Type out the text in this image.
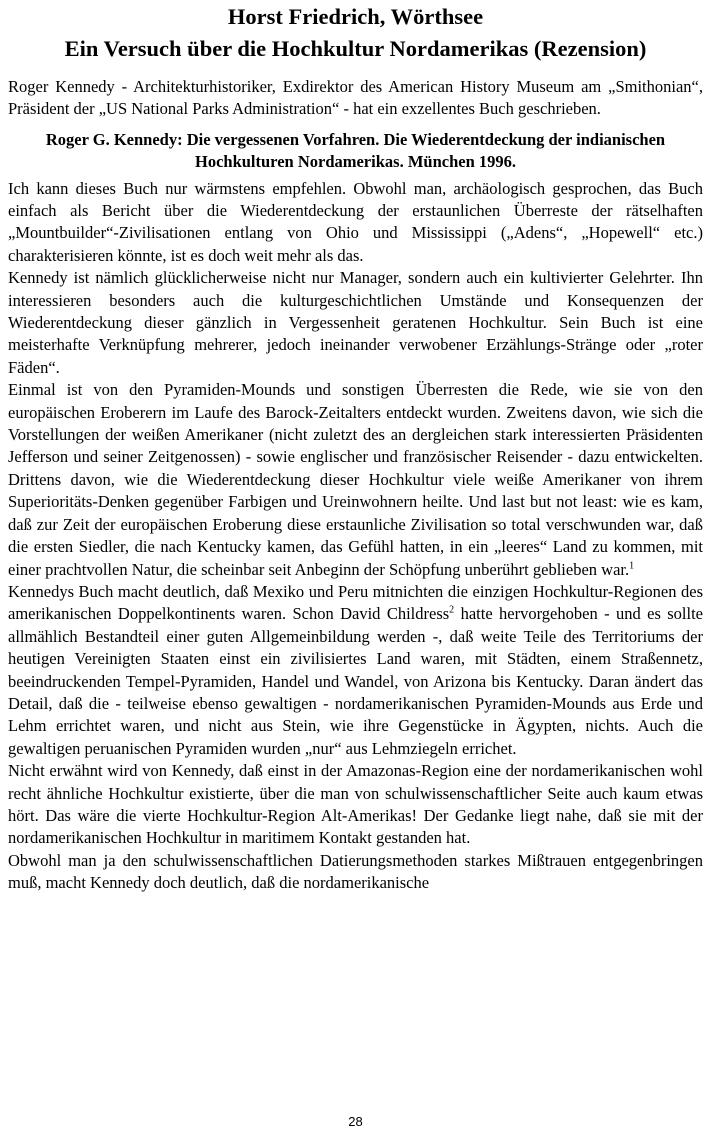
Horst Friedrich, Wörthsee
Ein Versuch über die Hochkultur Nordamerikas (Rezension)

Roger Kennedy - Architekturhistoriker, Exdirektor des American History Museum am „Smithonian“, Präsident der „US National Parks Administration“ - hat ein exzellentes Buch geschrieben.

Roger G. Kennedy: Die vergessenen Vorfahren. Die Wiederentdeckung der indianischen Hochkulturen Nordamerikas. München 1996.

Ich kann dieses Buch nur wärmstens empfehlen. Obwohl man, archäologisch gesprochen, das Buch einfach als Bericht über die Wiederentdeckung der erstaunlichen Überreste der rätselhaften „Mountbuilder“-Zivilisationen entlang von Ohio und Mississippi („Adens“, „Hopewell“ etc.) charakterisieren könnte, ist es doch weit mehr als das.

Kennedy ist nämlich glücklicherweise nicht nur Manager, sondern auch ein kultivierter Gelehrter. Ihn interessieren besonders auch die kulturgeschichtlichen Umstände und Konsequenzen der Wiederentdeckung dieser gänzlich in Vergessenheit geratenen Hochkultur. Sein Buch ist eine meisterhafte Verknüpfung mehrerer, jedoch ineinander verwobener Erzählungs-Stränge oder „roter Fäden“.

Einmal ist von den Pyramiden-Mounds und sonstigen Überresten die Rede, wie sie von den europäischen Eroberern im Laufe des Barock-Zeitalters entdeckt wurden. Zweitens davon, wie sich die Vorstellungen der weißen Amerikaner (nicht zuletzt des an dergleichen stark interessierten Präsidenten Jefferson und seiner Zeitgenossen) - sowie englischer und französischer Reisender - dazu entwickelten. Drittens davon, wie die Wiederentdeckung dieser Hochkultur viele weiße Amerikaner von ihrem Superioritäts-Denken gegenüber Farbigen und Ureinwohnern heilte. Und last but not least: wie es kam, daß zur Zeit der europäischen Eroberung diese erstaunliche Zivilisation so total verschwunden war, daß die ersten Siedler, die nach Kentucky kamen, das Gefühl hatten, in ein „leeres“ Land zu kommen, mit einer prachtvollen Natur, die scheinbar seit Anbeginn der Schöpfung unberührt geblieben war.$^1$

Kennedys Buch macht deutlich, daß Mexiko und Peru mitnichten die einzigen Hochkultur-Regionen des amerikanischen Doppelkontinents waren. Schon David Childress$^2$ hatte hervorgehoben - und es sollte allmählich Bestandteil einer guten Allgemeinbildung werden -, daß weite Teile des Territoriums der heutigen Vereinigten Staaten einst ein zivilisiertes Land waren, mit Städten, einem Straßennetz, beeindruckenden Tempel-Pyramiden, Handel und Wandel, von Arizona bis Kentucky. Daran ändert das Detail, daß die - teilweise ebenso gewaltigen - nordamerikanischen Pyramiden-Mounds aus Erde und Lehm errichtet waren, und nicht aus Stein, wie ihre Gegenstücke in Ägypten, nichts. Auch die gewaltigen peruanischen Pyramiden wurden „nur“ aus Lehmziegeln errichet.

Nicht erwähnt wird von Kennedy, daß einst in der Amazonas-Region eine der nordamerikanischen wohl recht ähnliche Hochkultur existierte, über die man von schulwissenschaftlicher Seite auch kaum etwas hört. Das wäre die vierte Hochkultur-Region Alt-Amerikas! Der Gedanke liegt nahe, daß sie mit der nordamerikanischen Hochkultur in maritimem Kontakt gestanden hat.

Obwohl man ja den schulwissenschaftlichen Datierungsmethoden starkes Mißtrauen entgegenbringen muß, macht Kennedy doch deutlich, daß die nordamerikanische

28
